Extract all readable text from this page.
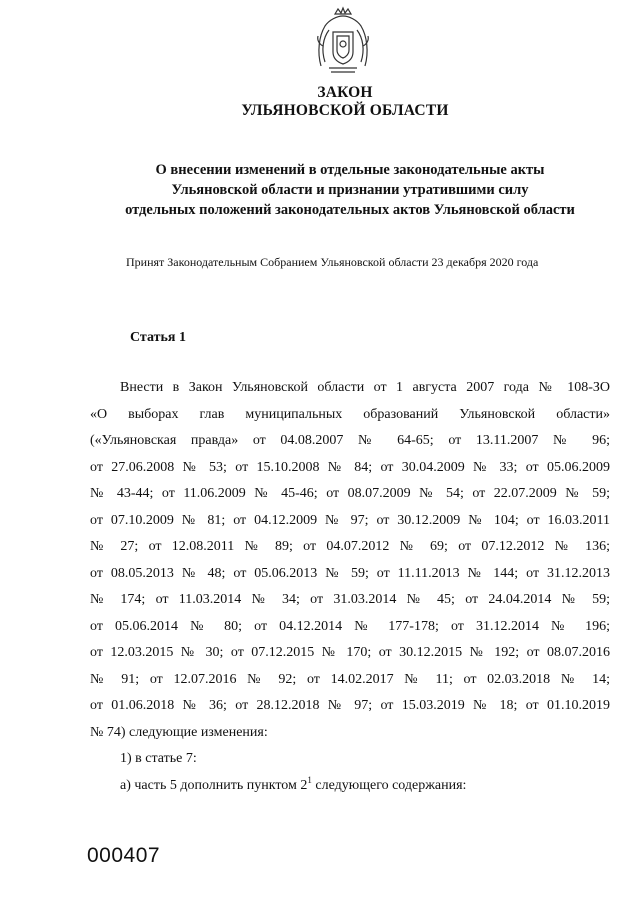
ЗАКОН
УЛЬЯНОВСКОЙ ОБЛАСТИ
О внесении изменений в отдельные законодательные акты
Ульяновской области и признании утратившими силу
отдельных положений законодательных актов Ульяновской области
Принят Законодательным Собранием Ульяновской области 23 декабря 2020 года
Статья 1
Внести в Закон Ульяновской области от 1 августа 2007 года № 108-ЗО
«О выборах глав муниципальных образований Ульяновской области»
(«Ульяновская правда» от 04.08.2007 № 64-65; от 13.11.2007 № 96;
от 27.06.2008 № 53; от 15.10.2008 № 84; от 30.04.2009 № 33; от 05.06.2009
№ 43-44; от 11.06.2009 № 45-46; от 08.07.2009 № 54; от 22.07.2009 № 59;
от 07.10.2009 № 81; от 04.12.2009 № 97; от 30.12.2009 № 104; от 16.03.2011
№ 27; от 12.08.2011 № 89; от 04.07.2012 № 69; от 07.12.2012 № 136;
от 08.05.2013 № 48; от 05.06.2013 № 59; от 11.11.2013 № 144; от 31.12.2013
№ 174; от 11.03.2014 № 34; от 31.03.2014 № 45; от 24.04.2014 № 59;
от 05.06.2014 № 80; от 04.12.2014 № 177-178; от 31.12.2014 № 196;
от 12.03.2015 № 30; от 07.12.2015 № 170; от 30.12.2015 № 192; от 08.07.2016
№ 91; от 12.07.2016 № 92; от 14.02.2017 № 11; от 02.03.2018 № 14;
от 01.06.2018 № 36; от 28.12.2018 № 97; от 15.03.2019 № 18; от 01.10.2019
№ 74) следующие изменения:
1) в статье 7:
а) часть 5 дополнить пунктом $2^1$ следующего содержания:
000407
